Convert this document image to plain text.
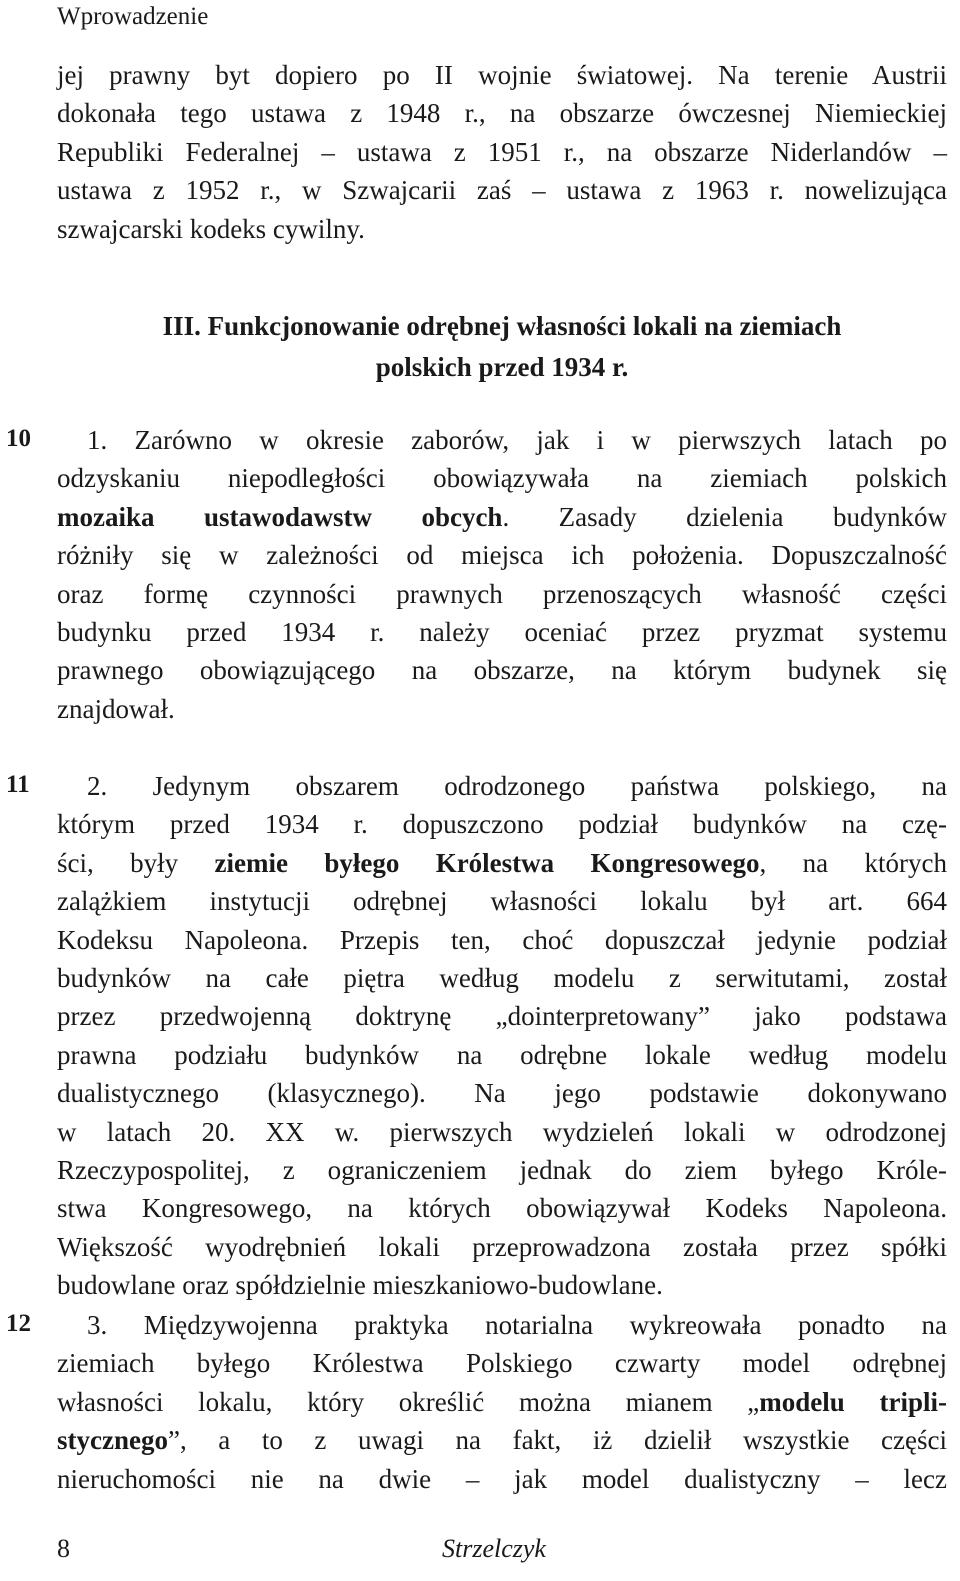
Wprowadzenie
jej prawny byt dopiero po II wojnie światowej. Na terenie Austrii
dokonała tego ustawa z 1948 r., na obszarze ówczesnej Niemieckiej
Republiki Federalnej – ustawa z 1951 r., na obszarze Niderlandów –
ustawa z 1952 r., w Szwajcarii zaś – ustawa z 1963 r. nowelizująca
szwajcarski kodeks cywilny.
III. Funkcjonowanie odrębnej własności lokali na ziemiach
polskich przed 1934 r.
10
11
12
1. Zarówno w okresie zaborów, jak i w pierwszych latach po
odzyskaniu niepodległości obowiązywała na ziemiach polskich
mozaika ustawodawstw obcych. Zasady dzielenia budynków
różniły się w zależności od miejsca ich położenia. Dopuszczalność
oraz formę czynności prawnych przenoszących własność części
budynku przed 1934 r. należy oceniać przez pryzmat systemu
prawnego obowiązującego na obszarze, na którym budynek się
znajdował.
2. Jedynym obszarem odrodzonego państwa polskiego, na
którym przed 1934 r. dopuszczono podział budynków na czę-
ści, były ziemie byłego Królestwa Kongresowego, na których
zalążkiem instytucji odrębnej własności lokalu był art. 664
Kodeksu Napoleona. Przepis ten, choć dopuszczał jedynie podział
budynków na całe piętra według modelu z serwitutami, został
przez przedwojenną doktrynę „dointerpretowany” jako podstawa
prawna podziału budynków na odrębne lokale według modelu
dualistycznego (klasycznego). Na jego podstawie dokonywano
w latach 20. XX w. pierwszych wydzieleń lokali w odrodzonej
Rzeczypospolitej, z ograniczeniem jednak do ziem byłego Króle-
stwa Kongresowego, na których obowiązywał Kodeks Napoleona.
Większość wyodrębnień lokali przeprowadzona została przez spółki
budowlane oraz spółdzielnie mieszkaniowo-budowlane.
3. Międzywojenna praktyka notarialna wykreowała ponadto na
ziemiach byłego Królestwa Polskiego czwarty model odrębnej
własności lokalu, który określić można mianem „modelu tripli-
stycznego”, a to z uwagi na fakt, iż dzielił wszystkie części
nieruchomości nie na dwie – jak model dualistyczny – lecz
8	Strzelczyk
